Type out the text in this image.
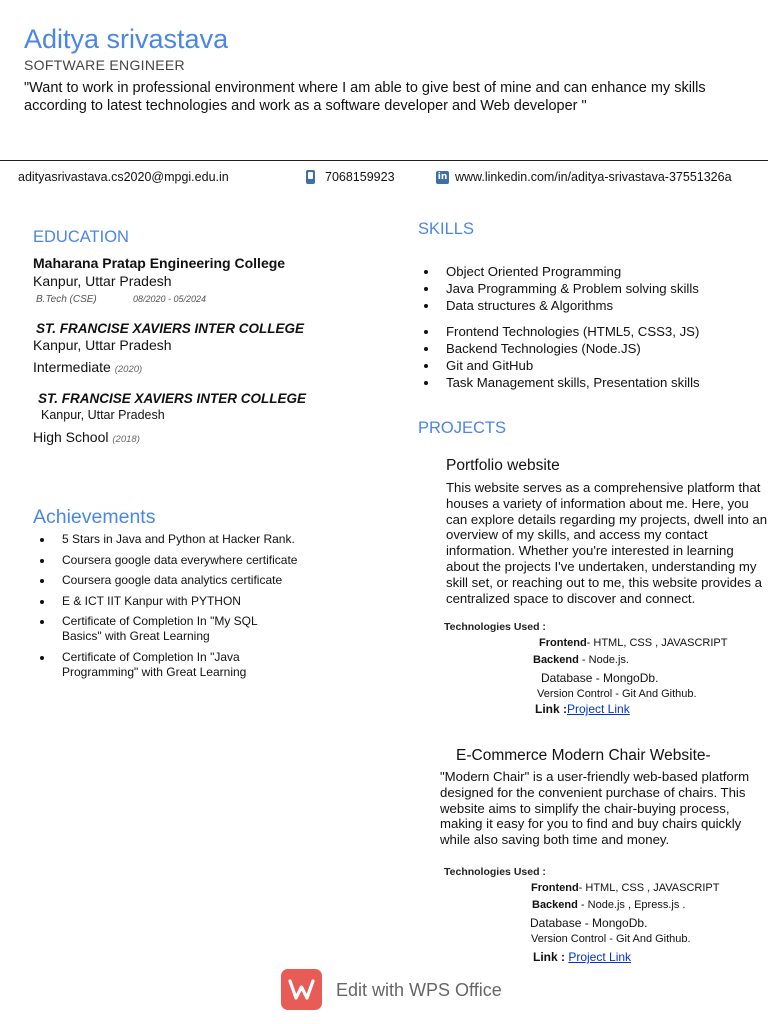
Aditya srivastava
SOFTWARE ENGINEER
"Want to work in professional environment where I am able to give best of mine and can enhance my skills according to latest technologies and work as a software developer and Web developer "
adityasrivastava.cs2020@mpgi.edu.in	7068159923	in www.linkedin.com/in/aditya-srivastava-37551326a
EDUCATION
Maharana Pratap Engineering College
Kanpur, Uttar Pradesh
B.Tech (CSE)	08/2020 - 05/2024
ST. FRANCISE XAVIERS INTER COLLEGE
Kanpur, Uttar Pradesh
Intermediate (2020)
ST. FRANCISE XAVIERS INTER COLLEGE
Kanpur, Uttar Pradesh
High School (2018)
Achievements
5 Stars in Java and Python at Hacker Rank.
Coursera google data everywhere certificate
Coursera google data analytics certificate
E & ICT IIT Kanpur with PYTHON
Certificate of Completion In "My SQL Basics" with Great Learning
Certificate of Completion In "Java Programming" with Great Learning
SKILLS
Object Oriented Programming
Java Programming & Problem solving skills
Data structures & Algorithms
Frontend Technologies (HTML5, CSS3, JS)
Backend Technologies (Node.JS)
Git and GitHub
Task Management skills, Presentation skills
PROJECTS
Portfolio website
This website serves as a comprehensive platform that houses a variety of information about me. Here, you can explore details regarding my projects, dwell into an overview of my skills, and access my contact information. Whether you're interested in learning about the projects I've undertaken, understanding my skill set, or reaching out to me, this website provides a centralized space to discover and connect.
Technologies Used :
Frontend- HTML, CSS , JAVASCRIPT
Backend - Node.js.
Database - MongoDb.
Version Control - Git And Github.
Link :Project Link
E-Commerce Modern Chair Website-
"Modern Chair" is a user-friendly web-based platform designed for the convenient purchase of chairs. This website aims to simplify the chair-buying process, making it easy for you to find and buy chairs quickly while also saving both time and money.
Technologies Used :
Frontend- HTML, CSS , JAVASCRIPT
Backend - Node.js , Epress.js .
Database - MongoDb.
Version Control - Git And Github.
Link : Project Link
Edit with WPS Office
